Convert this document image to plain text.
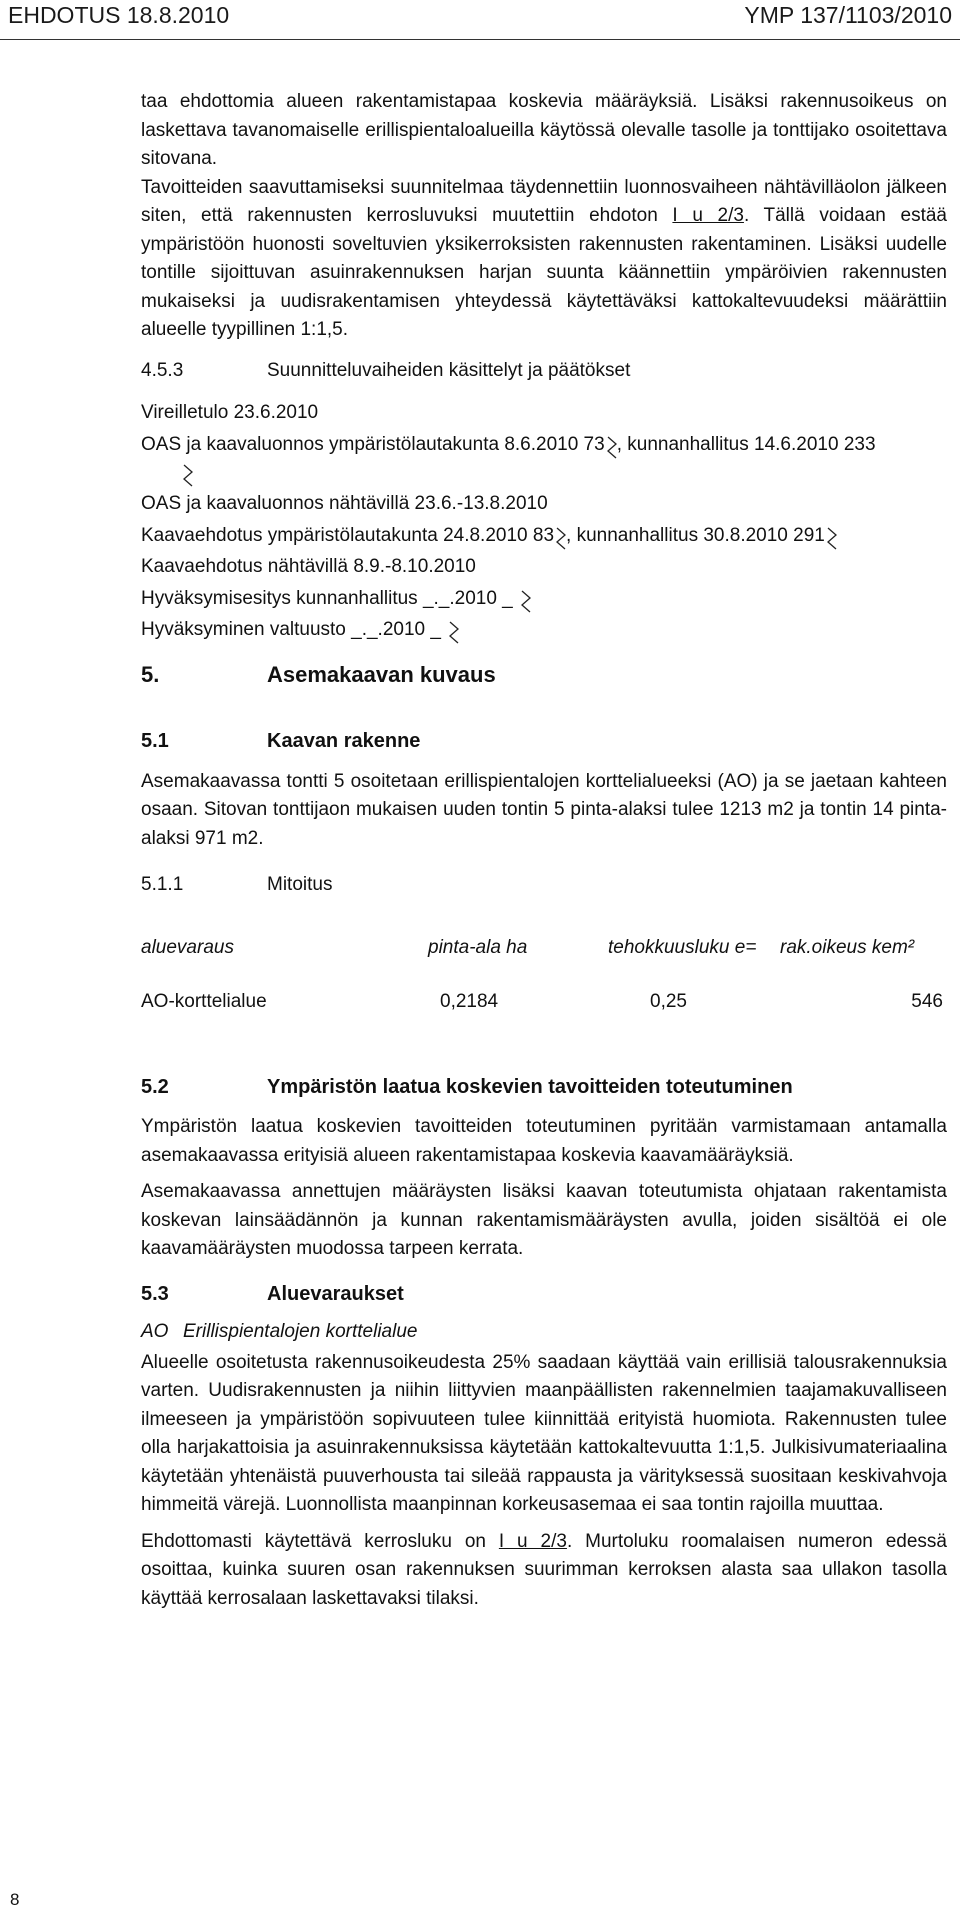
EHDOTUS 18.8.2010	YMP 137/1103/2010

taa ehdottomia alueen rakentamistapaa koskevia määräyksiä. Lisäksi rakennusoikeus on laskettava tavanomaiselle erillispientaloalueilla käytössä olevalle tasolle ja tonttijako osoitettava sitovana.

Tavoitteiden saavuttamiseksi suunnitelmaa täydennettiin luonnosvaiheen nähtävilläolon jälkeen siten, että rakennusten kerrosluvuksi muutettiin ehdoton I u 2/3. Tällä voidaan estää ympäristöön huonosti soveltuvien yksikerroksisten rakennusten rakentaminen. Lisäksi uudelle tontille sijoittuvan asuinrakennuksen harjan suunta käännettiin ympäröivien rakennusten mukaiseksi ja uudisrakentamisen yhteydessä käytettäväksi kattokaltevuudeksi määrättiin alueelle tyypillinen 1:1,5.

4.5.3	Suunnitteluvaiheiden käsittelyt ja päätökset
Vireilletulo 23.6.2010
OAS ja kaavaluonnos ympäristölautakunta 8.6.2010 73 , kunnanhallitus 14.6.2010 233
OAS ja kaavaluonnos nähtävillä 23.6.-13.8.2010
Kaavaehdotus ympäristölautakunta 24.8.2010 83 , kunnanhallitus 30.8.2010 291
Kaavaehdotus nähtävillä 8.9.-8.10.2010
Hyväksymisesitys kunnanhallitus _._.2010 _
Hyväksyminen valtuusto _._.2010 _
5.	Asemakaavan kuvaus
5.1	Kaavan rakenne

Asemakaavassa tontti 5 osoitetaan erillispientalojen korttelialueeksi (AO) ja se jaetaan kahteen osaan. Sitovan tonttijaon mukaisen uuden tontin 5 pinta-alaksi tulee 1213 m2 ja tontin 14 pinta-alaksi 971 m2.

5.1.1	Mitoitus
aluevaraus	pinta-ala ha	tehokkuusluku e=	rak.oikeus kem²
AO-korttelialue	0,2184	0,25	546
5.2	Ympäristön laatua koskevien tavoitteiden toteutuminen

Ympäristön laatua koskevien tavoitteiden toteutuminen pyritään varmistamaan antamalla asemakaavassa erityisiä alueen rakentamistapaa koskevia kaavamääräyksiä.

Asemakaavassa annettujen määräysten lisäksi kaavan toteutumista ohjataan rakentamista koskevan lainsäädännön ja kunnan rakentamismääräysten avulla, joiden sisältöä ei ole kaavamääräysten muodossa tarpeen kerrata.

5.3	Aluevaraukset
AO Erillispientalojen korttelialue

Alueelle osoitetusta rakennusoikeudesta 25% saadaan käyttää vain erillisiä talousrakennuksia varten. Uudisrakennusten ja niihin liittyvien maanpäällisten rakennelmien taajamakuvalliseen ilmeeseen ja ympäristöön sopivuuteen tulee kiinnittää erityistä huomiota. Rakennusten tulee olla harjakattoisia ja asuinrakennuksissa käytetään kattokaltevuutta 1:1,5. Julkisivumateriaalina käytetään yhtenäistä puuverhousta tai sileää rappausta ja värityksessä suositaan keskivahvoja himmeitä värejä. Luonnollista maanpinnan korkeusasemaa ei saa tontin rajoilla muuttaa.

Ehdottomasti käytettävä kerrosluku on I u 2/3. Murtoluku roomalaisen numeron edessä osoittaa, kuinka suuren osan rakennuksen suurimman kerroksen alasta saa ullakon tasolla käyttää kerrosalaan laskettavaksi tilaksi.

8
